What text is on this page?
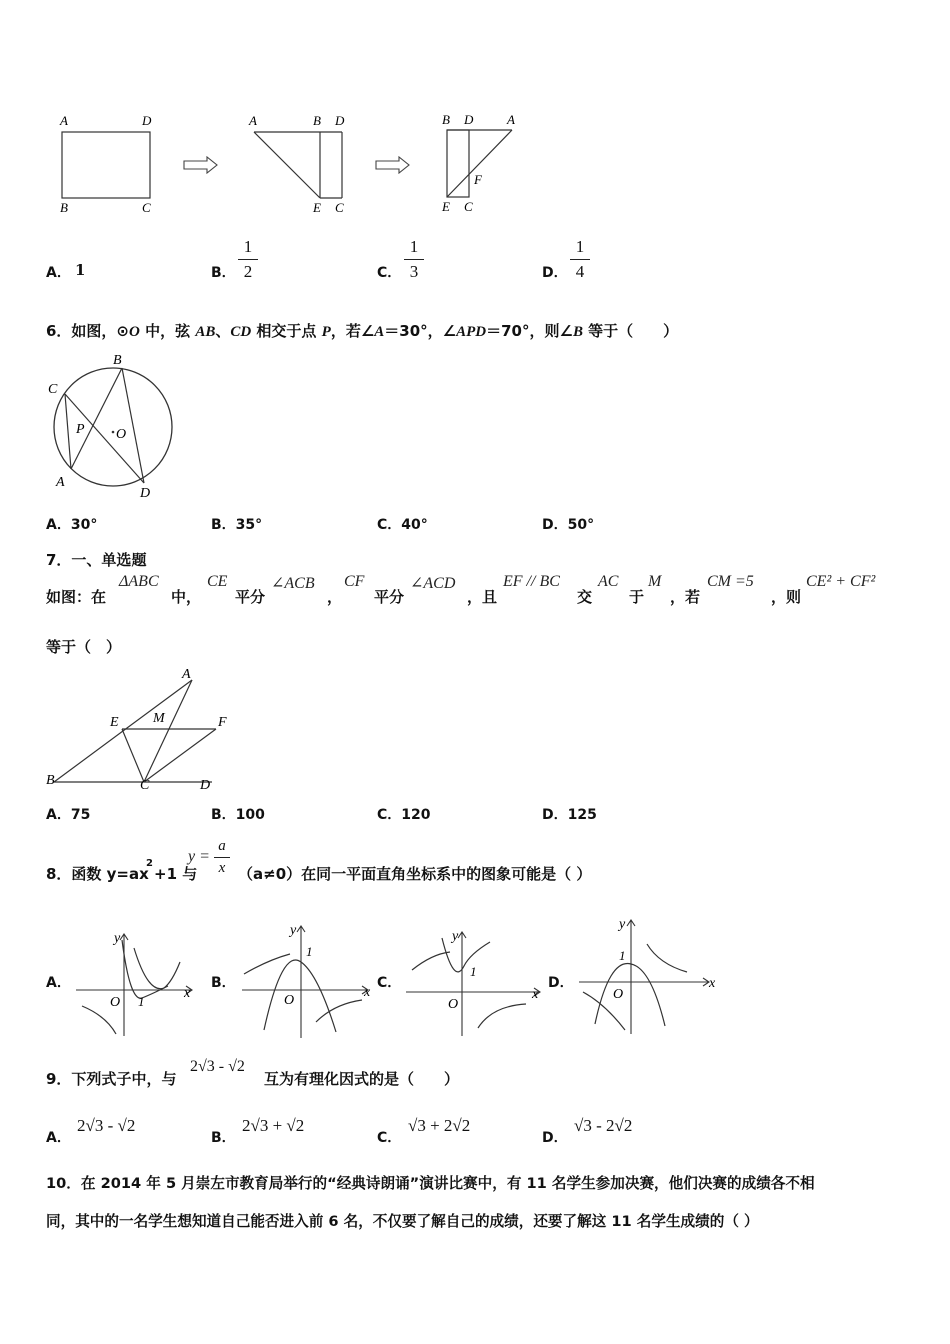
A	D
B	C
A	B D
E C
B D	A
F
E C
A． 1	B．
1
2	C．
1
3	D．
1
4
6．如图，⊙O 中，弦 AB、CD 相交于点 P，若∠A＝30°，∠APD＝70°，则∠B 等于（　　）
B
C
P O
A
D
A．30°	B．35°	C．40°	D．50°
7．一、单选题
如图：在
ΔABC
中，
CE
平分
∠ACB
，
CF
平分
∠ACD
，且
EF // BC
交
AC
于
M
，若
CM =5
，则
CE² + CF²
等于（　）
A
E M	F
B	C	D
A．75	B．100	C．120	D．125
8．函数 y=ax
2
+1 与
y =
a
x （a≠0）在同一平面直角坐标系中的图象可能是（ ）
A．
x
y
O 1
B．
x
y
O
1
C．
x
y
O
1
D．	x
y
O
1
9．下列式子中，与
2√3 - √2
互为有理化因式的是（　　）
A．
2√3 - √2
B．
2√3 + √2
C．
√3 + 2√2
D．
√3 - 2√2
10．在 2014 年 5 月崇左市教育局举行的“经典诗朗诵”演讲比赛中，有 11 名学生参加决赛，他们决赛的成绩各不相
同，其中的一名学生想知道自己能否进入前 6 名，不仅要了解自己的成绩，还要了解这 11 名学生成绩的（ ）
